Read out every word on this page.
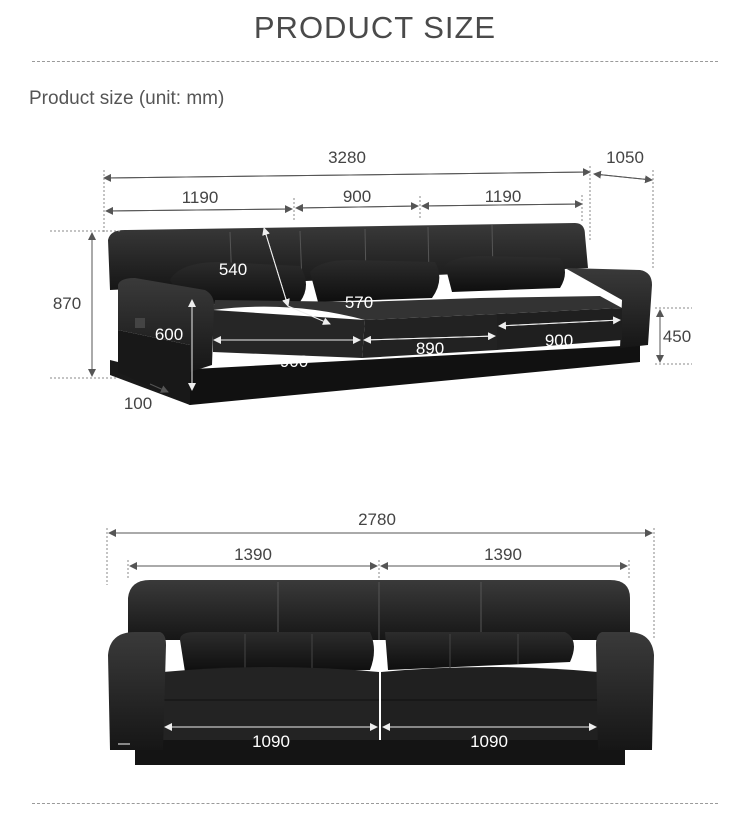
PRODUCT SIZE
Product size (unit: mm)
3280	1050
1190	900	1190
870
540
570
600	450
100
900
890	900
2780
1390	1390
1090	1090
